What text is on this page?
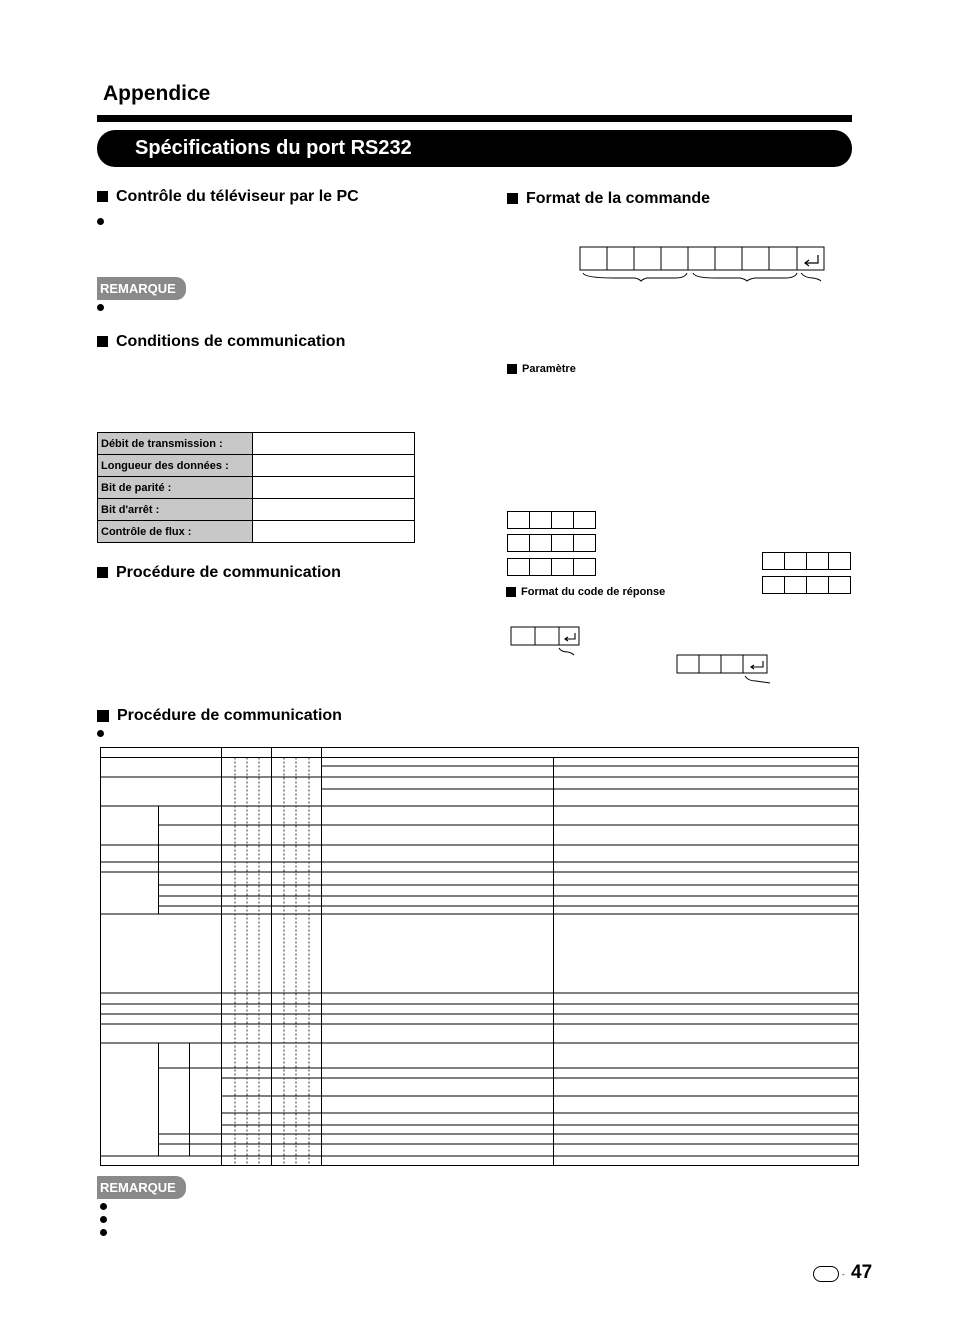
Appendice
Spécifications du port RS232
Contrôle du téléviseur par le PC
REMARQUE
Conditions de communication
Débit de transmission :	
Longueur des données :	
Bit de parité :	
Bit d'arrêt :	
Contrôle de flux :	
Procédure de communication
Format de la commande
Paramètre
Format du code de réponse
Procédure de communication
REMARQUE
- 47
